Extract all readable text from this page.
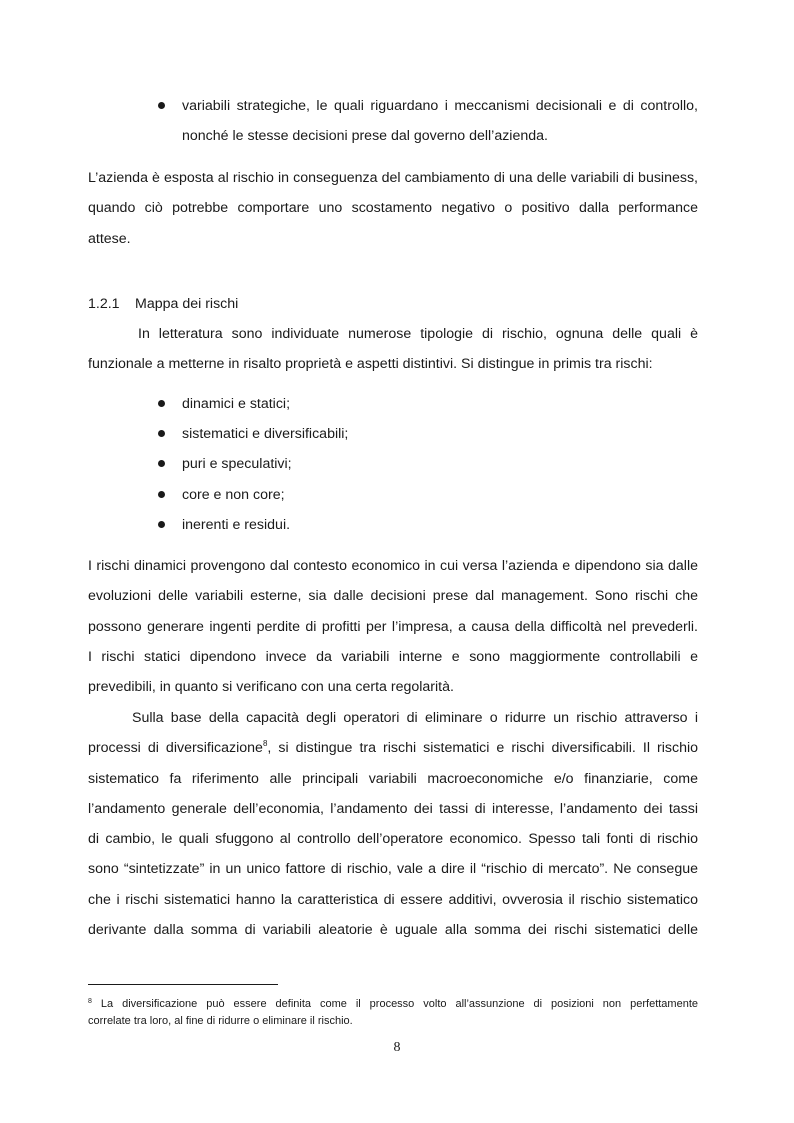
variabili strategiche, le quali riguardano i meccanismi decisionali e di controllo,
nonché le stesse decisioni prese dal governo dell’azienda.
L’azienda è esposta al rischio in conseguenza del cambiamento di una delle variabili di business,
quando ciò potrebbe comportare uno scostamento negativo o positivo dalla performance
attese.
1.2.1 Mappa dei rischi
In letteratura sono individuate numerose tipologie di rischio, ognuna delle quali è
funzionale a metterne in risalto proprietà e aspetti distintivi. Si distingue in primis tra rischi:
dinamici e statici;
sistematici e diversificabili;
puri e speculativi;
core e non core;
inerenti e residui.
I rischi dinamici provengono dal contesto economico in cui versa l’azienda e dipendono sia dalle
evoluzioni delle variabili esterne, sia dalle decisioni prese dal management. Sono rischi che
possono generare ingenti perdite di profitti per l’impresa, a causa della difficoltà nel prevederli.
I rischi statici dipendono invece da variabili interne e sono maggiormente controllabili e
prevedibili, in quanto si verificano con una certa regolarità.
Sulla base della capacità degli operatori di eliminare o ridurre un rischio attraverso i
processi di diversificazione$^8$, si distingue tra rischi sistematici e rischi diversificabili. Il rischio
sistematico fa riferimento alle principali variabili macroeconomiche e/o finanziarie, come
l’andamento generale dell’economia, l’andamento dei tassi di interesse, l’andamento dei tassi
di cambio, le quali sfuggono al controllo dell’operatore economico. Spesso tali fonti di rischio
sono “sintetizzate” in un unico fattore di rischio, vale a dire il “rischio di mercato”. Ne consegue
che i rischi sistematici hanno la caratteristica di essere additivi, ovverosia il rischio sistematico
derivante dalla somma di variabili aleatorie è uguale alla somma dei rischi sistematici delle
$^8$ La diversificazione può essere definita come il processo volto all’assunzione di posizioni non perfettamente
correlate tra loro, al fine di ridurre o eliminare il rischio.
8
